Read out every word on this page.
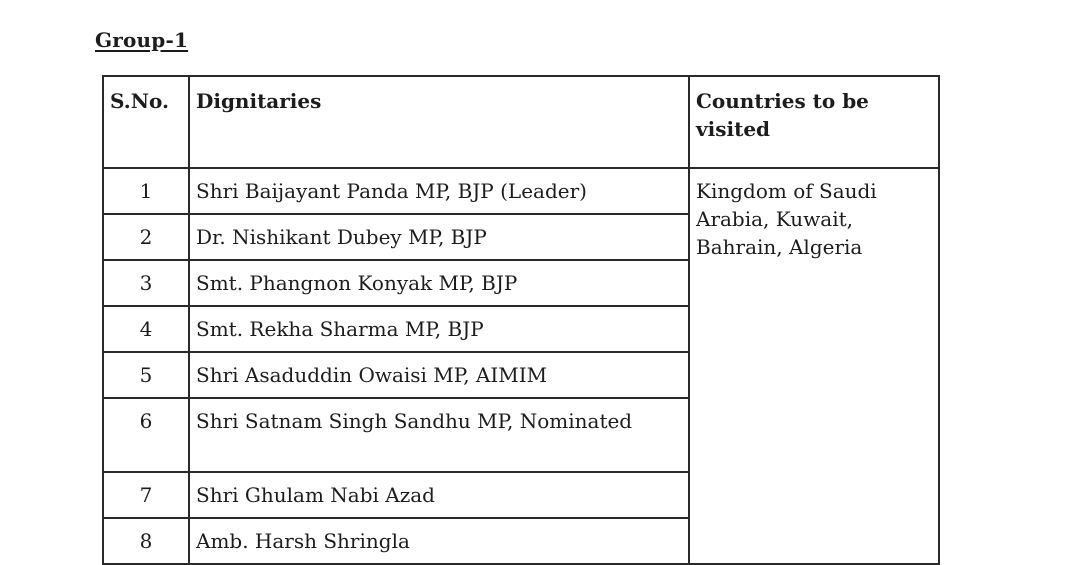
Group-1
S.No.	Dignitaries	Countries to be visited
1	Shri Baijayant Panda MP, BJP (Leader)	Kingdom of Saudi Arabia, Kuwait, Bahrain, Algeria
2	Dr. Nishikant Dubey MP, BJP	
3	Smt. Phangnon Konyak MP, BJP	
4	Smt. Rekha Sharma MP, BJP	
5	Shri Asaduddin Owaisi MP, AIMIM	
6	Shri Satnam Singh Sandhu MP, Nominated	
7	Shri Ghulam Nabi Azad	
8	Amb. Harsh Shringla	
